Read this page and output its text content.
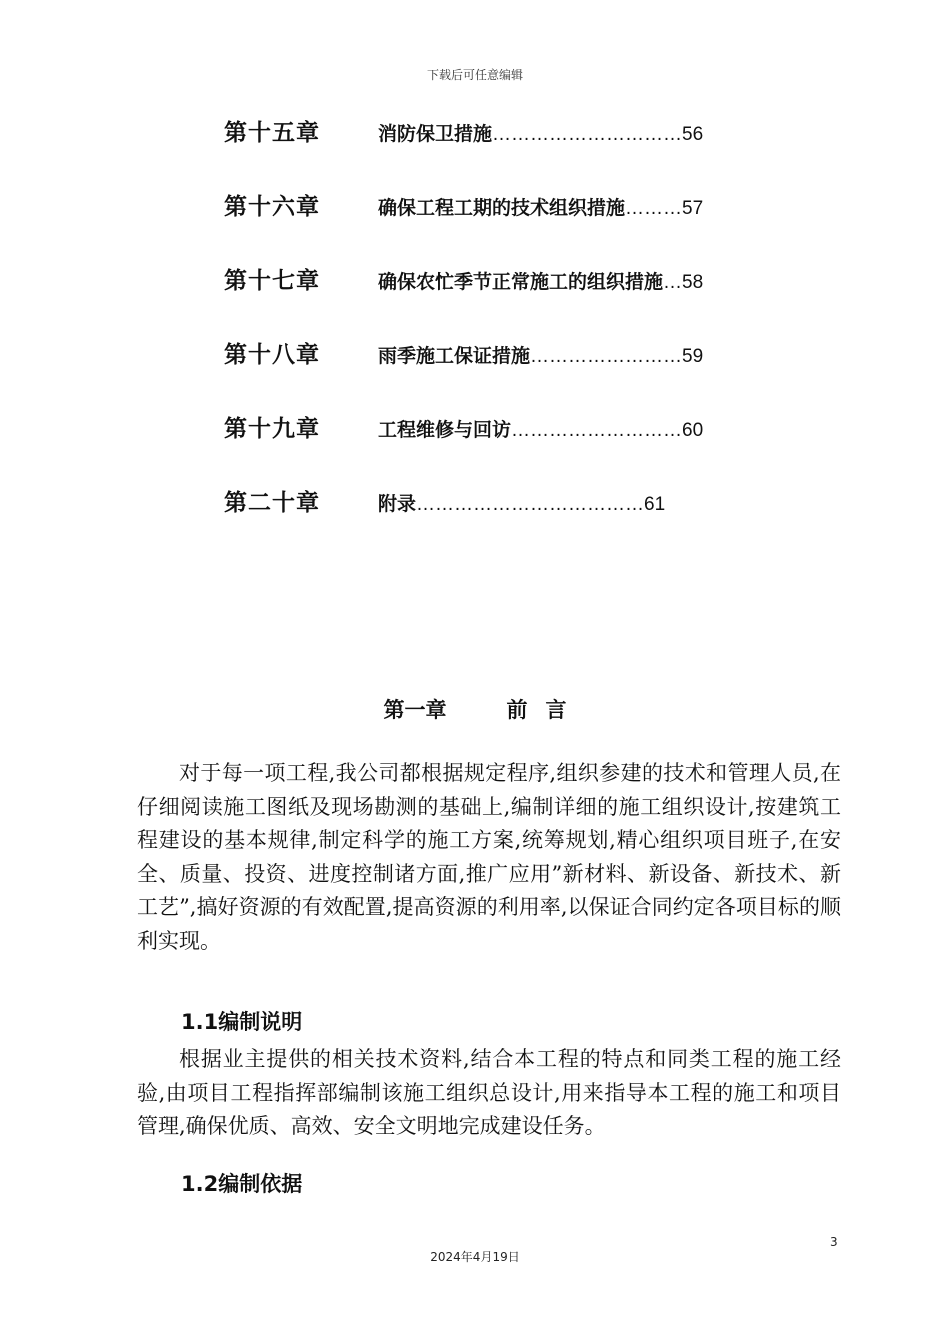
下载后可任意编辑
第十五章	消防保卫措施 ………………………… 56
第十六章	确保工程工期的技术组织措施 ……… 57
第十七章	确保农忙季节正常施工的组织措施 … 58
第十八章	雨季施工保证措施 …………………… 59
第十九章	工程维修与回访 ……………………… 60
第二十章	附录 ……………………………… 61
第一章	前 言
对于每一项工程,我公司都根据规定程序,组织参建的技术和管理人员,在仔细阅读施工图纸及现场勘测的基础上,编制详细的施工组织设计,按建筑工程建设的基本规律,制定科学的施工方案,统筹规划,精心组织项目班子,在安全、质量、投资、进度控制诸方面,推广应用”新材料、新设备、新技术、新工艺”,搞好资源的有效配置,提高资源的利用率,以保证合同约定各项目标的顺利实现。
1.1编制说明
根据业主提供的相关技术资料,结合本工程的特点和同类工程的施工经验,由项目工程指挥部编制该施工组织总设计,用来指导本工程的施工和项目管理,确保优质、高效、安全文明地完成建设任务。
1.2编制依据
3
2024年4月19日
